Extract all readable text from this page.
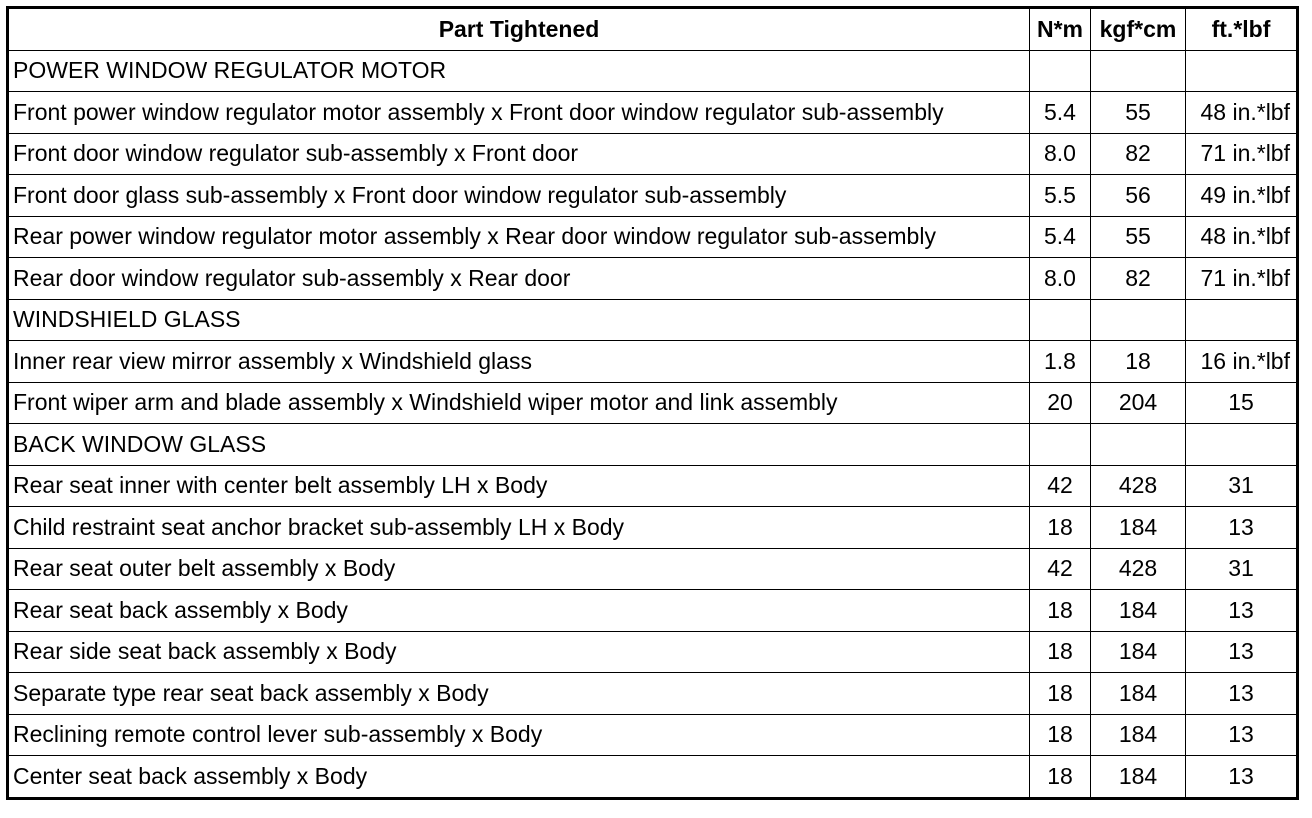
Part Tightened	N*m	kgf*cm	ft.*lbf
POWER WINDOW REGULATOR MOTOR			
Front power window regulator motor assembly x Front door window regulator sub-assembly	5.4	55	48 in.*lbf
Front door window regulator sub-assembly x Front door	8.0	82	71 in.*lbf
Front door glass sub-assembly x Front door window regulator sub-assembly	5.5	56	49 in.*lbf
Rear power window regulator motor assembly x Rear door window regulator sub-assembly	5.4	55	48 in.*lbf
Rear door window regulator sub-assembly x Rear door	8.0	82	71 in.*lbf
WINDSHIELD GLASS			
Inner rear view mirror assembly x Windshield glass	1.8	18	16 in.*lbf
Front wiper arm and blade assembly x Windshield wiper motor and link assembly	20	204	15
BACK WINDOW GLASS			
Rear seat inner with center belt assembly LH x Body	42	428	31
Child restraint seat anchor bracket sub-assembly LH x Body	18	184	13
Rear seat outer belt assembly x Body	42	428	31
Rear seat back assembly x Body	18	184	13
Rear side seat back assembly x Body	18	184	13
Separate type rear seat back assembly x Body	18	184	13
Reclining remote control lever sub-assembly x Body	18	184	13
Center seat back assembly x Body	18	184	13
